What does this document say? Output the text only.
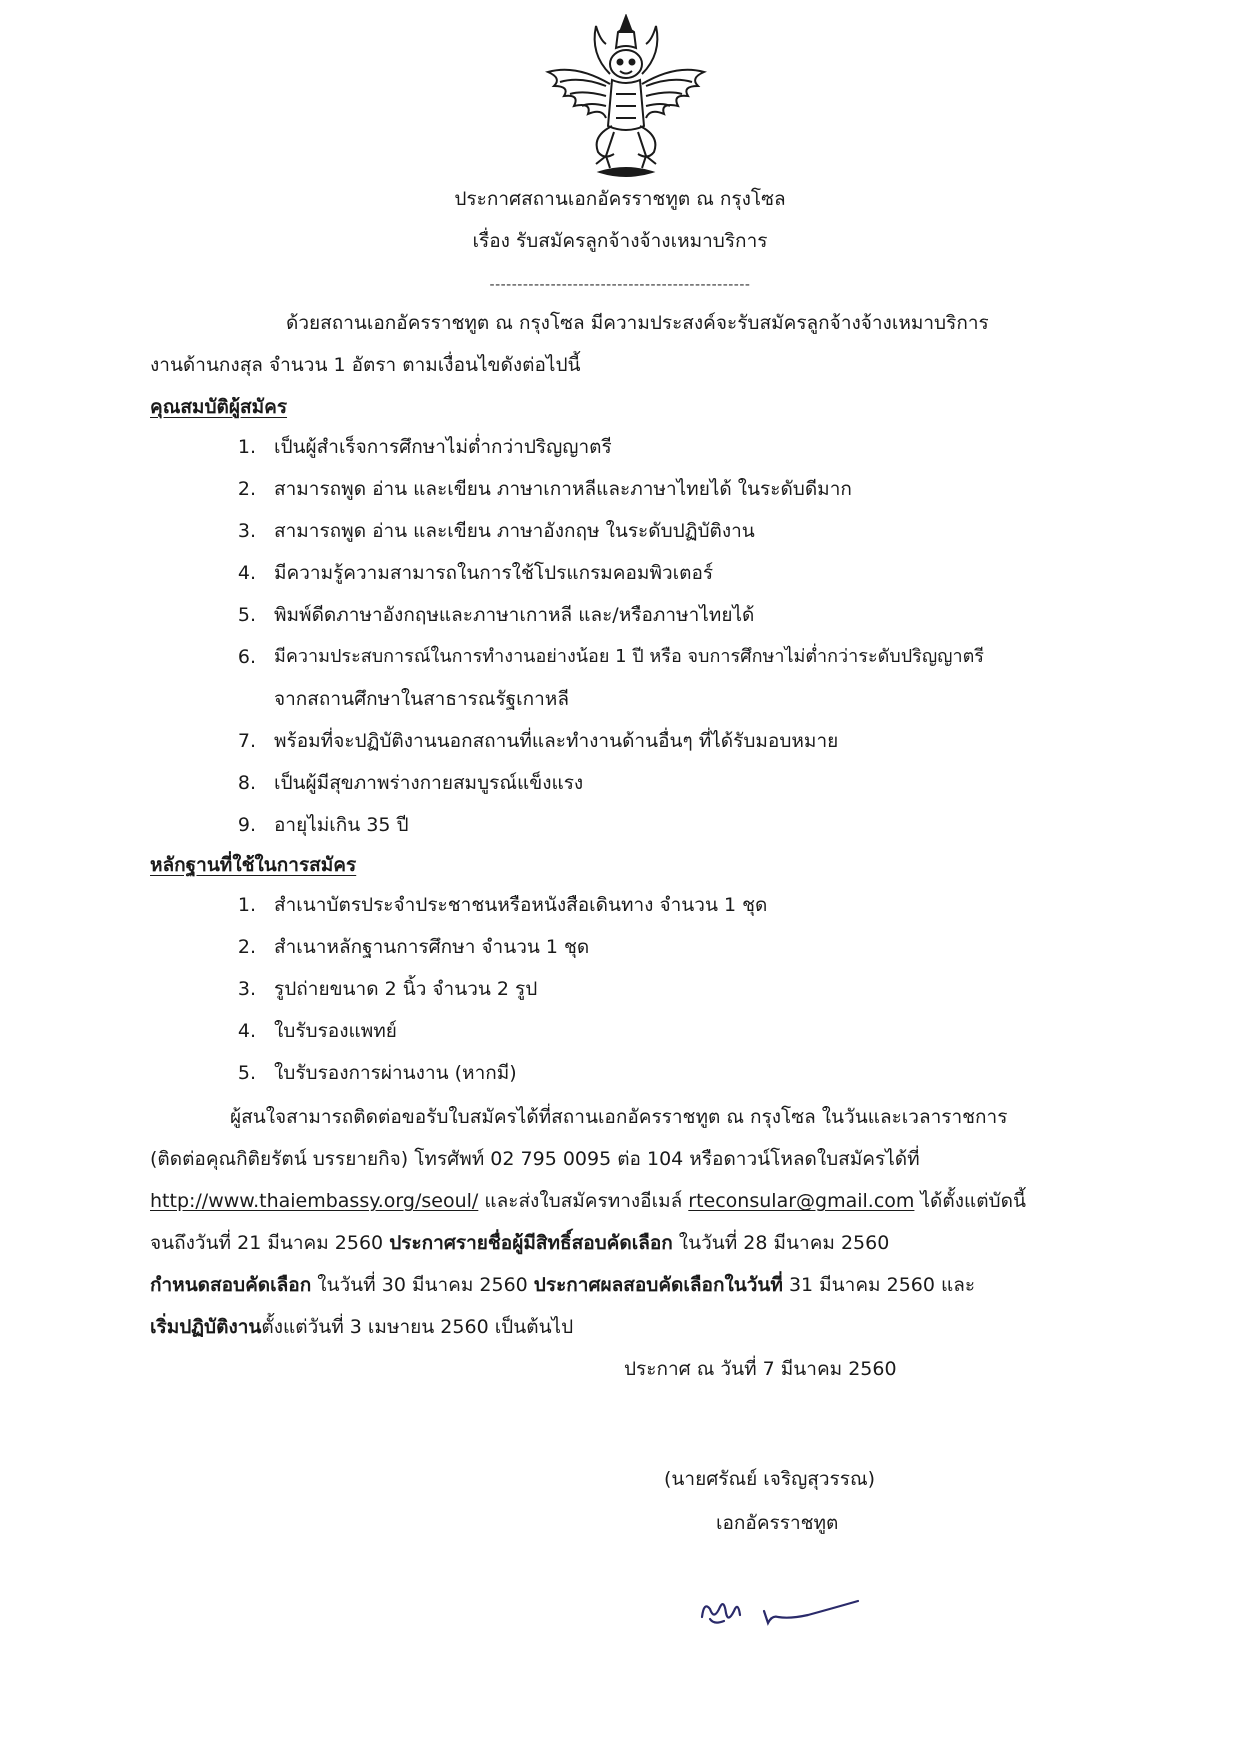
ประกาศสถานเอกอัครราชทูต ณ กรุงโซล
เรื่อง รับสมัครลูกจ้างจ้างเหมาบริการ
-----------------------------------------------
ด้วยสถานเอกอัครราชทูต ณ กรุงโซล มีความประสงค์จะรับสมัครลูกจ้างจ้างเหมาบริการ
งานด้านกงสุล จำนวน 1 อัตรา ตามเงื่อนไขดังต่อไปนี้
คุณสมบัติผู้สมัคร
1. เป็นผู้สำเร็จการศึกษาไม่ต่ำกว่าปริญญาตรี
2. สามารถพูด อ่าน และเขียน ภาษาเกาหลีและภาษาไทยได้ ในระดับดีมาก
3. สามารถพูด อ่าน และเขียน ภาษาอังกฤษ ในระดับปฏิบัติงาน
4. มีความรู้ความสามารถในการใช้โปรแกรมคอมพิวเตอร์
5. พิมพ์ดีดภาษาอังกฤษและภาษาเกาหลี และ/หรือภาษาไทยได้
6. มีความประสบการณ์ในการทำงานอย่างน้อย 1 ปี หรือ จบการศึกษาไม่ต่ำกว่าระดับปริญญาตรี
จากสถานศึกษาในสาธารณรัฐเกาหลี
7. พร้อมที่จะปฏิบัติงานนอกสถานที่และทำงานด้านอื่นๆ ที่ได้รับมอบหมาย
8. เป็นผู้มีสุขภาพร่างกายสมบูรณ์แข็งแรง
9. อายุไม่เกิน 35 ปี
หลักฐานที่ใช้ในการสมัคร
1. สำเนาบัตรประจำประชาชนหรือหนังสือเดินทาง จำนวน 1 ชุด
2. สำเนาหลักฐานการศึกษา จำนวน 1 ชุด
3. รูปถ่ายขนาด 2 นิ้ว จำนวน 2 รูป
4. ใบรับรองแพทย์
5. ใบรับรองการผ่านงาน (หากมี)
ผู้สนใจสามารถติดต่อขอรับใบสมัครได้ที่สถานเอกอัครราชทูต ณ กรุงโซล ในวันและเวลาราชการ
(ติดต่อคุณกิติยรัตน์ บรรยายกิจ) โทรศัพท์ 02 795 0095 ต่อ 104 หรือดาวน์โหลดใบสมัครได้ที่
http://www.thaiembassy.org/seoul/ และส่งใบสมัครทางอีเมล์ rteconsular@gmail.com ได้ตั้งแต่บัดนี้
จนถึงวันที่ 21 มีนาคม 2560 ประกาศรายชื่อผู้มีสิทธิ์สอบคัดเลือก ในวันที่ 28 มีนาคม 2560
กำหนดสอบคัดเลือก ในวันที่ 30 มีนาคม 2560 ประกาศผลสอบคัดเลือกในวันที่ 31 มีนาคม 2560 และ
เริ่มปฏิบัติงานตั้งแต่วันที่ 3 เมษายน 2560 เป็นต้นไป
ประกาศ ณ วันที่ 7 มีนาคม 2560
(นายศรัณย์ เจริญสุวรรณ)
เอกอัครราชทูต
